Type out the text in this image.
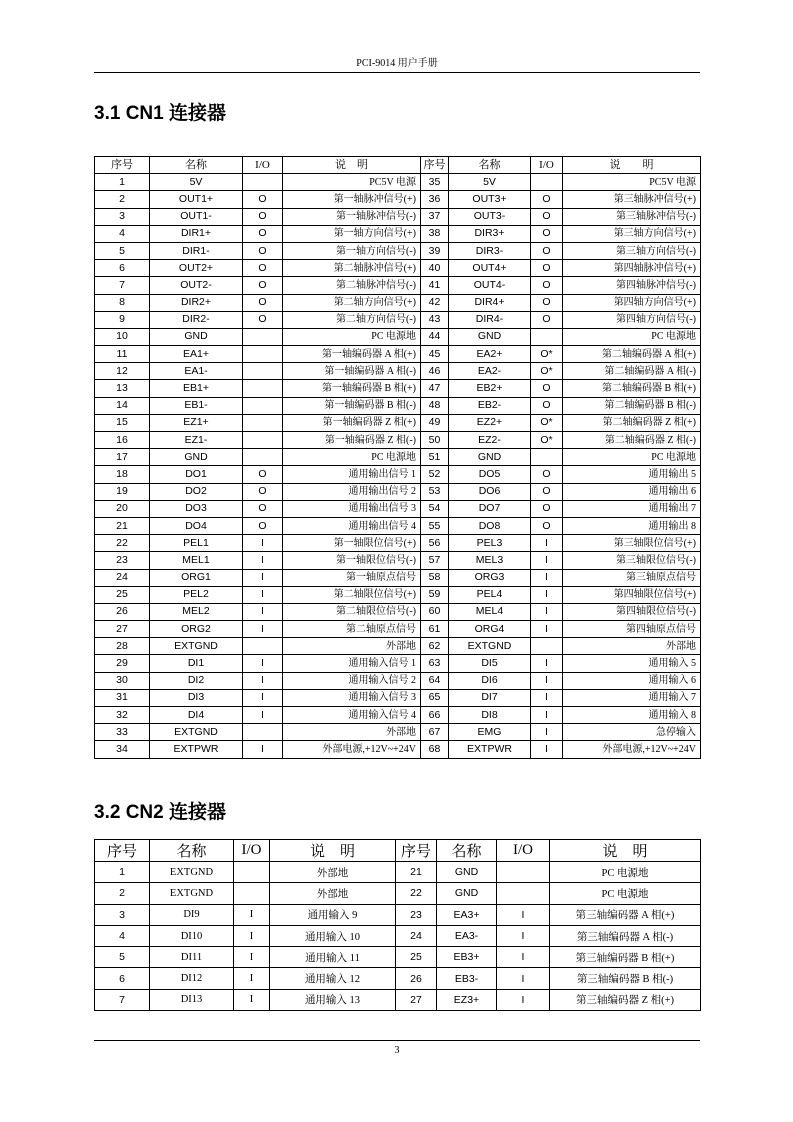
PCI-9014 用户手册
3.1 CN1 连接器
序号	名称	I/O	说　明	序号	名称	I/O	说　　明
1	5V		PC5V 电源	35	5V		PC5V 电源
2	OUT1+	O	第一轴脉冲信号(+)	36	OUT3+	O	第三轴脉冲信号(+)
3	OUT1-	O	第一轴脉冲信号(-)	37	OUT3-	O	第三轴脉冲信号(-)
4	DIR1+	O	第一轴方向信号(+)	38	DIR3+	O	第三轴方向信号(+)
5	DIR1-	O	第一轴方向信号(-)	39	DIR3-	O	第三轴方向信号(-)
6	OUT2+	O	第二轴脉冲信号(+)	40	OUT4+	O	第四轴脉冲信号(+)
7	OUT2-	O	第二轴脉冲信号(-)	41	OUT4-	O	第四轴脉冲信号(-)
8	DIR2+	O	第二轴方向信号(+)	42	DIR4+	O	第四轴方向信号(+)
9	DIR2-	O	第二轴方向信号(-)	43	DIR4-	O	第四轴方向信号(-)
10	GND		PC 电源地	44	GND		PC 电源地
11	EA1+		第一轴编码器 A 相(+)	45	EA2+	O*	第二轴编码器 A 相(+)
12	EA1-		第一轴编码器 A 相(-)	46	EA2-	O*	第二轴编码器 A 相(-)
13	EB1+		第一轴编码器 B 相(+)	47	EB2+	O	第二轴编码器 B 相(+)
14	EB1-		第一轴编码器 B 相(-)	48	EB2-	O	第二轴编码器 B 相(-)
15	EZ1+		第一轴编码器 Z 相(+)	49	EZ2+	O*	第二轴编码器 Z 相(+)
16	EZ1-		第一轴编码器 Z 相(-)	50	EZ2-	O*	第二轴编码器 Z 相(-)
17	GND		PC 电源地	51	GND		PC 电源地
18	DO1	O	通用输出信号 1	52	DO5	O	通用输出 5
19	DO2	O	通用输出信号 2	53	DO6	O	通用输出 6
20	DO3	O	通用输出信号 3	54	DO7	O	通用输出 7
21	DO4	O	通用输出信号 4	55	DO8	O	通用输出 8
22	PEL1	I	第一轴限位信号(+)	56	PEL3	I	第三轴限位信号(+)
23	MEL1	I	第一轴限位信号(-)	57	MEL3	I	第三轴限位信号(-)
24	ORG1	I	第一轴原点信号	58	ORG3	I	第三轴原点信号
25	PEL2	I	第二轴限位信号(+)	59	PEL4	I	第四轴限位信号(+)
26	MEL2	I	第二轴限位信号(-)	60	MEL4	I	第四轴限位信号(-)
27	ORG2	I	第二轴原点信号	61	ORG4	I	第四轴原点信号
28	EXTGND		外部地	62	EXTGND		外部地
29	DI1	I	通用输入信号 1	63	DI5	I	通用输入 5
30	DI2	I	通用输入信号 2	64	DI6	I	通用输入 6
31	DI3	I	通用输入信号 3	65	DI7	I	通用输入 7
32	DI4	I	通用输入信号 4	66	DI8	I	通用输入 8
33	EXTGND		外部地	67	EMG	I	急停输入
34	EXTPWR	I	外部电源,+12V~+24V	68	EXTPWR	I	外部电源,+12V~+24V
3.2 CN2 连接器
序号	名称	I/O	说　明	序号	名称	I/O	说　明
1	EXTGND		外部地	21	GND		PC 电源地
2	EXTGND		外部地	22	GND		PC 电源地
3	DI9	I	通用输入 9	23	EA3+	I	第三轴编码器 A 相(+)
4	DI10	I	通用输入 10	24	EA3-	I	第三轴编码器 A 相(-)
5	DI11	I	通用输入 11	25	EB3+	I	第三轴编码器 B 相(+)
6	DI12	I	通用输入 12	26	EB3-	I	第三轴编码器 B 相(-)
7	DI13	I	通用输入 13	27	EZ3+	I	第三轴编码器 Z 相(+)
3
